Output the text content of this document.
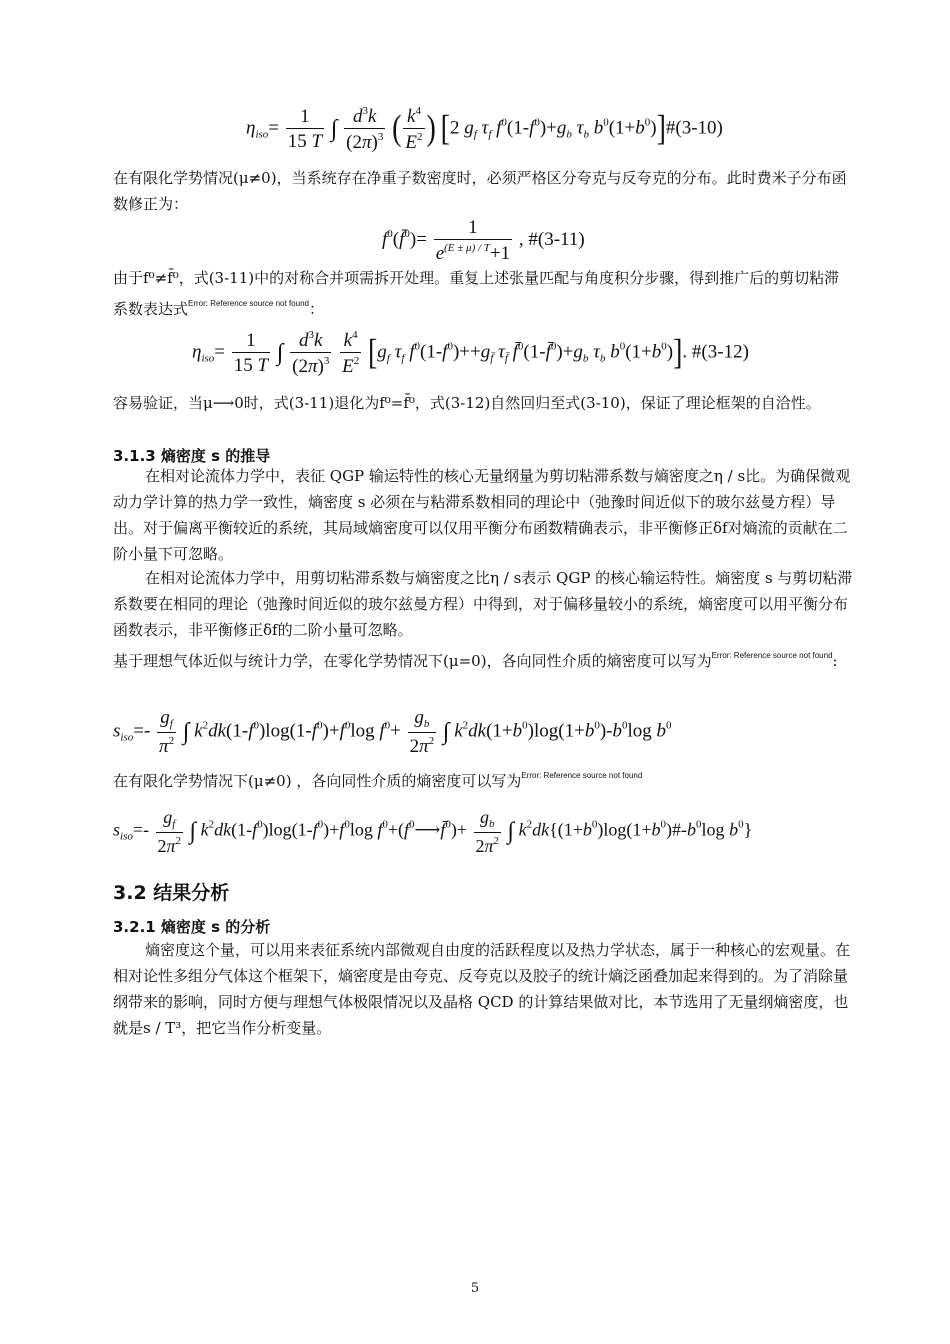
$\eta_{iso}= \frac{1}{15 T}$ ∫ $\frac{d^3k}{(2\pi)^3}$ ( $\frac{k^4}{E^2}$ ) [2 $g_f$ $\tau_f$ $f^0(1-f^0)+g_b$ $\tau_b$ $b^0(1+b^0)]\#(3-10)$

在有限化学势情况(μ≠0)，当系统存在净重子数密度时，必须严格区分夸克与反夸克的分布。此时费米子分布函数修正为：

$f^0(f̄^0)= \frac{1}{e^{(E \pm \mu) / T}+1}$ , #(3-11)

由于f⁰≠f̄⁰，式(3-11)中的对称合并项需拆开处理。重复上述张量匹配与角度积分步骤，得到推广后的剪切粘滞系数表达式$^{Error: Reference source not found}$：

$\eta_{iso}= \frac{1}{15 T}$ ∫ $\frac{d^3k}{(2\pi)^3}$
$\frac{k^4}{E^2} [g_f$ $\tau_f$ $f^0(1-f^0)++g_{f̄}$ $\tau_{f̄}$ $f̄^0(1-f̄^0)+g_b$ $\tau_b$ $b^0(1+b^0)$]. #(3-12)

容易验证，当μ⟶0时，式(3-11)退化为f⁰=f̄⁰，式(3-12)自然回归至式(3-10)，保证了理论框架的自洽性。

3.1.3 熵密度 s 的推导

在相对论流体力学中，表征 QGP 输运特性的核心无量纲量为剪切粘滞系数与熵密度之η / s比。为确保微观动力学计算的热力学一致性，熵密度 s 必须在与粘滞系数相同的理论中（弛豫时间近似下的玻尔兹曼方程）导出。对于偏离平衡较近的系统，其局域熵密度可以仅用平衡分布函数精确表示，非平衡修正δf对熵流的贡献在二阶小量下可忽略。

在相对论流体力学中，用剪切粘滞系数与熵密度之比η / s表示 QGP 的核心输运特性。熵密度 s 与剪切粘滞系数要在相同的理论（弛豫时间近似的玻尔兹曼方程）中得到，对于偏移量较小的系统，熵密度可以用平衡分布函数表示，非平衡修正δf的二阶小量可忽略。

基于理想气体近似与统计力学，在零化学势情况下(μ=0)，各向同性介质的熵密度可以写为$^{Error: Reference source not found}$:

$s_{iso}=- \frac{g_f}{\pi^2}$ ∫ $k^2dk(1-f^0)\log(1-f^0)+f^0\log$ $f^0+ \frac{g_b}{2\pi^2}$ ∫ $k^2dk(1+b^0)\log(1+b^0)-b^0\log$ $b^0$

在有限化学势情况下(μ≠0) ，各向同性介质的熵密度可以写为$^{Error: Reference source not found}$

$s_{iso}=- \frac{g_f}{2\pi^2}$ ∫ $k^2dk(1-f^0)\log(1-f^0)+f^0\log$ $f^0+(f^0⟶f̄^0)+ \frac{g_b}{2\pi^2}$ ∫ $k^2dk\{(1+b^0)\log(1+b^0)\#-b^0\log$ $b^0$}
3.2 结果分析
3.2.1 熵密度 s 的分析

熵密度这个量，可以用来表征系统内部微观自由度的活跃程度以及热力学状态，属于一种核心的宏观量。在相对论性多组分气体这个框架下，熵密度是由夸克、反夸克以及胶子的统计熵泛函叠加起来得到的。为了消除量纲带来的影响，同时方便与理想气体极限情况以及晶格 QCD 的计算结果做对比，本节选用了无量纲熵密度，也就是s / T³，把它当作分析变量。

5
